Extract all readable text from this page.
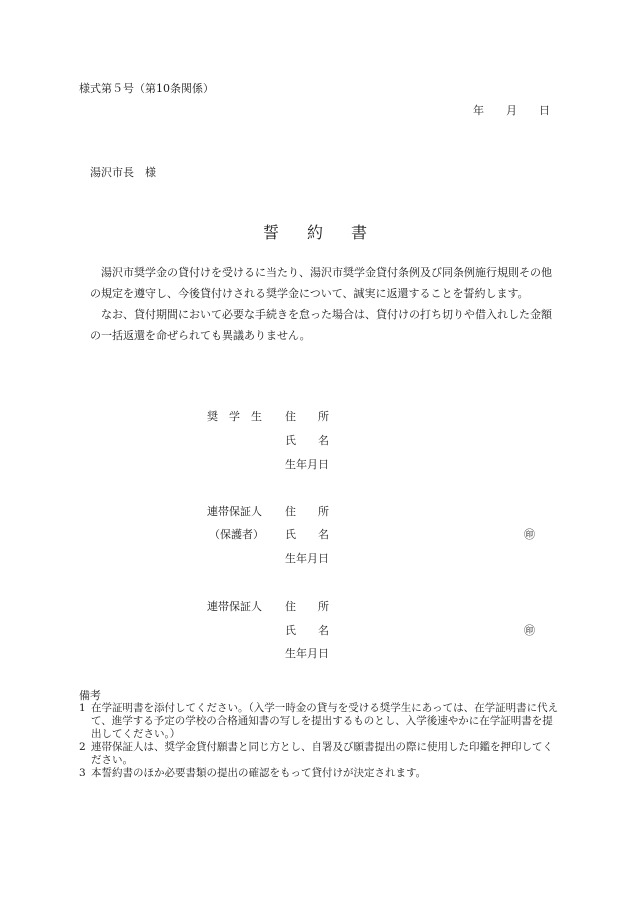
様式第５号（第10条関係）
年 月 日
湯沢市長　様
誓 約 書

湯沢市奨学金の貸付けを受けるに当たり、湯沢市奨学金貸付条例及び同条例施行規則その他の規定を遵守し、今後貸付けされる奨学金について、誠実に返還することを誓約します。

なお、貸付期間において必要な手続きを怠った場合は、貸付けの打ち切りや借入れした金額の一括返還を命ぜられても異議ありません。

奨　学　生 住　　所
氏　　名
生年月日
連帯保証人
（保護者）
住　　所
氏　　名
生年月日
㊞
連帯保証人 住　　所
氏　　名
生年月日
㊞
備考
1 在学証明書を添付してください。（入学一時金の貸与を受ける奨学生にあっては、在学証明書に代えて、進学する予定の学校の合格通知書の写しを提出するものとし、入学後速やかに在学証明書を提出してください。）
2 連帯保証人は、奨学金貸付願書と同じ方とし、自署及び願書提出の際に使用した印鑑を押印してください。
3 本誓約書のほか必要書類の提出の確認をもって貸付けが決定されます。
